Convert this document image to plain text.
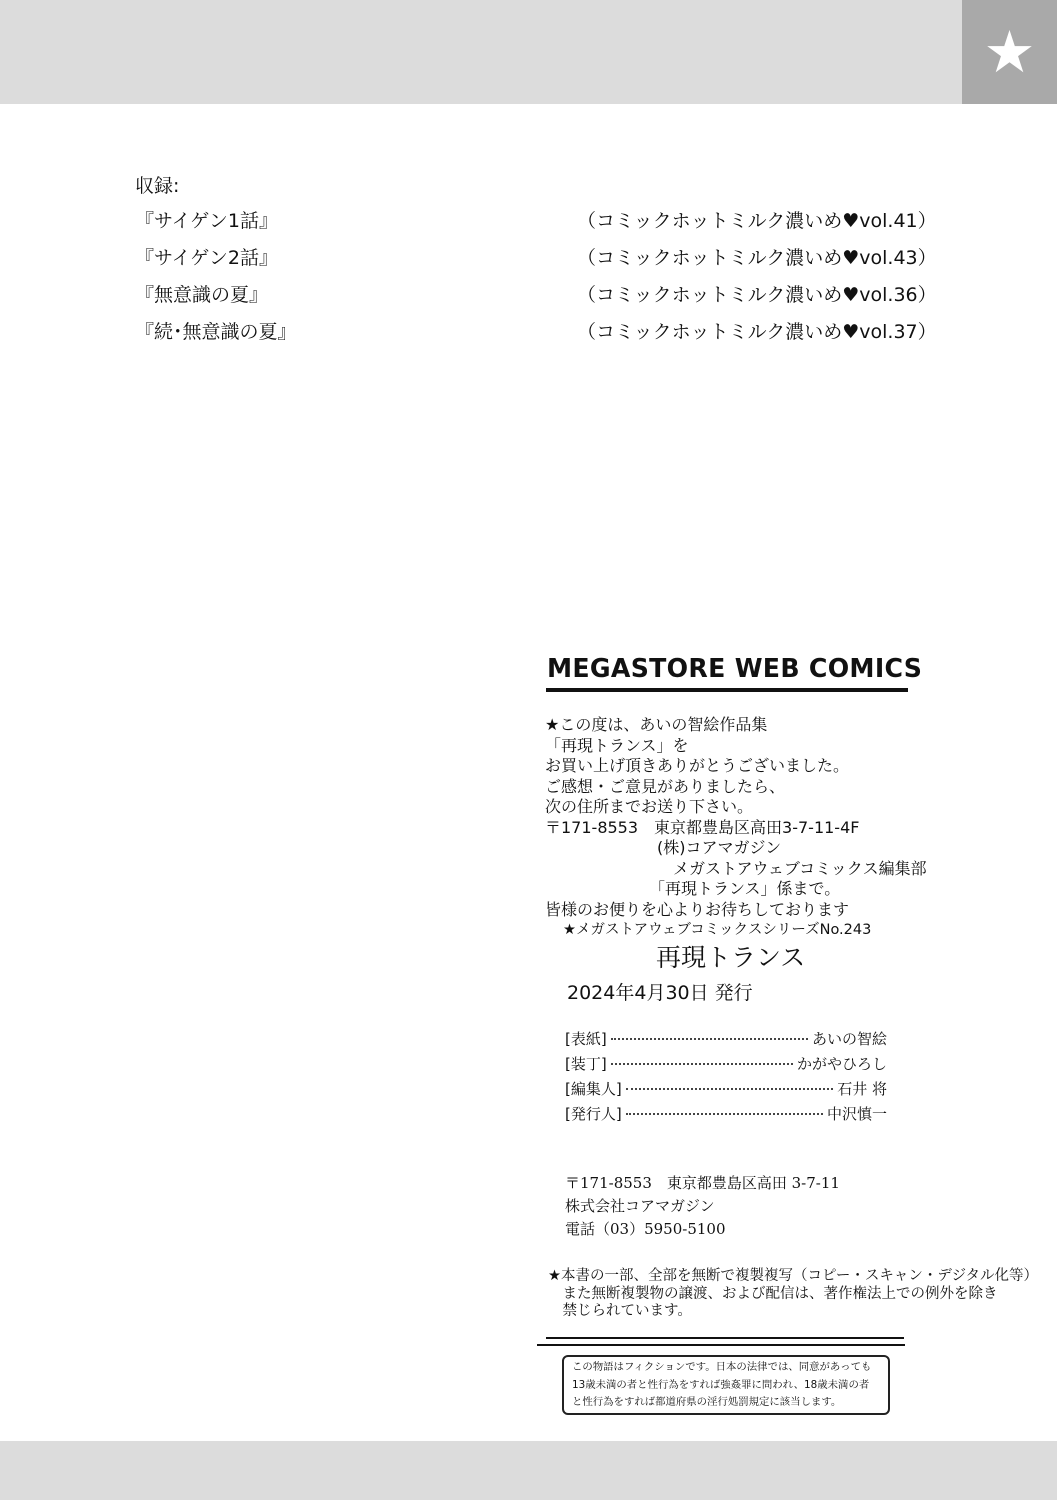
★
収録:
『サイゲン1話』	（コミックホットミルク濃いめ♥vol.41）
『サイゲン2話』	（コミックホットミルク濃いめ♥vol.43）
『無意識の夏』	（コミックホットミルク濃いめ♥vol.36）
『続･無意識の夏』	（コミックホットミルク濃いめ♥vol.37）
MEGASTORE WEB COMICS
★この度は、あいの智絵作品集
「再現トランス」を
お買い上げ頂きありがとうございました。
ご感想・ご意見がありましたら、
次の住所までお送り下さい。
〒171-8553　東京都豊島区高田3-7-11-4F
　　　　　　　(株)コアマガジン
　　　　　　　　メガストアウェブコミックス編集部
　　　　　　　「再現トランス」係まで。
皆様のお便りを心よりお待ちしております
★メガストアウェブコミックスシリーズNo.243
再現トランス
2024年4月30日 発行
[表紙]	あいの智絵
[装丁]	かがやひろし
[編集人]	石井 将
[発行人]	中沢慎一
〒171-8553　東京都豊島区高田 3-7-11
株式会社コアマガジン
電話（03）5950-5100
★本書の一部、全部を無断で複製複写（コピー・スキャン・デジタル化等）
　また無断複製物の譲渡、および配信は、著作権法上での例外を除き
　禁じられています。
この物語はフィクションです。日本の法律では、同意があっても
13歳未満の者と性行為をすれば強姦罪に問われ、18歳未満の者
と性行為をすれば都道府県の淫行処罰規定に該当します。
